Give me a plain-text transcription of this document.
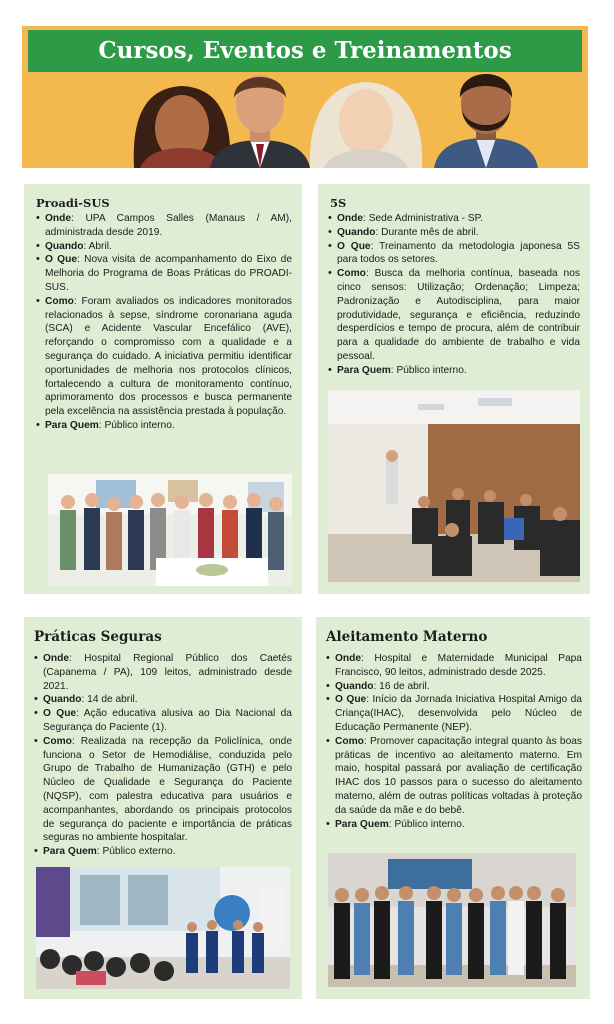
Cursos, Eventos e Treinamentos
Proadi-SUS
• Onde: UPA Campos Salles (Manaus / AM), administrada desde 2019.
• Quando: Abril.
• O Que: Nova visita de acompanhamento do Eixo de Melhoria do Programa de Boas Práticas do PROADI-SUS.
• Como: Foram avaliados os indicadores monitorados relacionados à sepse, síndrome coronariana aguda (SCA) e Acidente Vascular Encefálico (AVE), reforçando o compromisso com a qualidade e a segurança do cuidado. A iniciativa permitiu identificar oportunidades de melhoria nos protocolos clínicos, fortalecendo a cultura de monitoramento contínuo, aprimoramento dos processos e busca permanente pela excelência na assistência prestada à população.
• Para Quem: Público interno.
5S
• Onde: Sede Administrativa - SP.
• Quando: Durante mês de abril.
• O Que: Treinamento da metodologia japonesa 5S para todos os setores.
• Como: Busca da melhoria contínua, baseada nos cinco sensos: Utilização; Ordenação; Limpeza; Padronização e Autodisciplina, para maior produtividade, segurança e eficiência, reduzindo desperdícios e tempo de procura, além de contribuir para a qualidade do ambiente de trabalho e vida pessoal.
• Para Quem: Público interno.
Práticas Seguras
• Onde: Hospital Regional Público dos Caetés (Capanema / PA), 109 leitos, administrado desde 2021.
• Quando: 14 de abril.
• O Que: Ação educativa alusiva ao Dia Nacional da Segurança do Paciente (1).
• Como: Realizada na recepção da Policlínica, onde funciona o Setor de Hemodiálise, conduzida pelo Grupo de Trabalho de Humanização (GTH) e pelo Núcleo de Qualidade e Segurança do Paciente (NQSP), com palestra educativa para usuários e acompanhantes, abordando os principais protocolos de segurança do paciente e importância de práticas seguras no ambiente hospitalar.
• Para Quem: Público externo.
Aleitamento Materno
• Onde: Hospital e Maternidade Municipal Papa Francisco, 90 leitos, administrado desde 2025.
• Quando: 16 de abril.
• O Que: Início da Jornada Iniciativa Hospital Amigo da Criança(IHAC), desenvolvida pelo Núcleo de Educação Permanente (NEP).
• Como: Promover capacitação integral quanto às boas práticas de incentivo ao aleitamento materno. Em maio, hospital passará por avaliação de certificação IHAC dos 10 passos para o sucesso do aleitamento materno, além de outras políticas voltadas à proteção da saúde da mãe e do bebê.
• Para Quem: Público interno.
